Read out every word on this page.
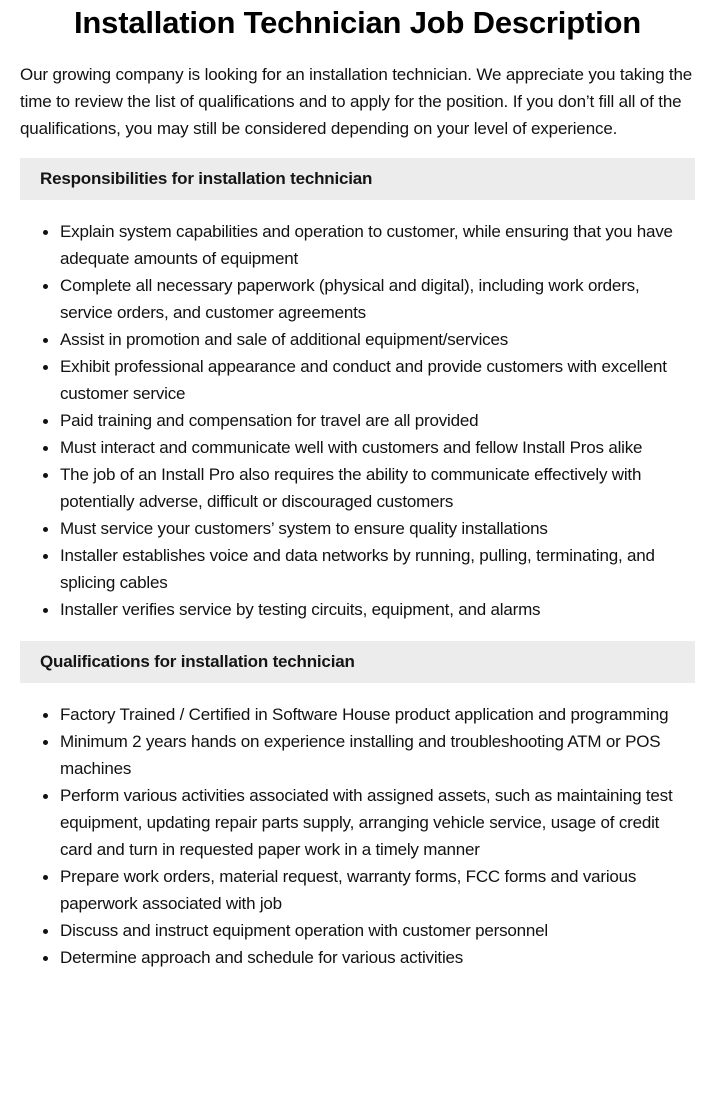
Installation Technician Job Description

Our growing company is looking for an installation technician. We appreciate you taking the time to review the list of qualifications and to apply for the position. If you don’t fill all of the qualifications, you may still be considered depending on your level of experience.

Responsibilities for installation technician
Explain system capabilities and operation to customer, while ensuring that you have adequate amounts of equipment
Complete all necessary paperwork (physical and digital), including work orders, service orders, and customer agreements
Assist in promotion and sale of additional equipment/services
Exhibit professional appearance and conduct and provide customers with excellent customer service
Paid training and compensation for travel are all provided
Must interact and communicate well with customers and fellow Install Pros alike
The job of an Install Pro also requires the ability to communicate effectively with potentially adverse, difficult or discouraged customers
Must service your customers’ system to ensure quality installations
Installer establishes voice and data networks by running, pulling, terminating, and splicing cables
Installer verifies service by testing circuits, equipment, and alarms
Qualifications for installation technician
Factory Trained / Certified in Software House product application and programming
Minimum 2 years hands on experience installing and troubleshooting ATM or POS machines
Perform various activities associated with assigned assets, such as maintaining test equipment, updating repair parts supply, arranging vehicle service, usage of credit card and turn in requested paper work in a timely manner
Prepare work orders, material request, warranty forms, FCC forms and various paperwork associated with job
Discuss and instruct equipment operation with customer personnel
Determine approach and schedule for various activities
